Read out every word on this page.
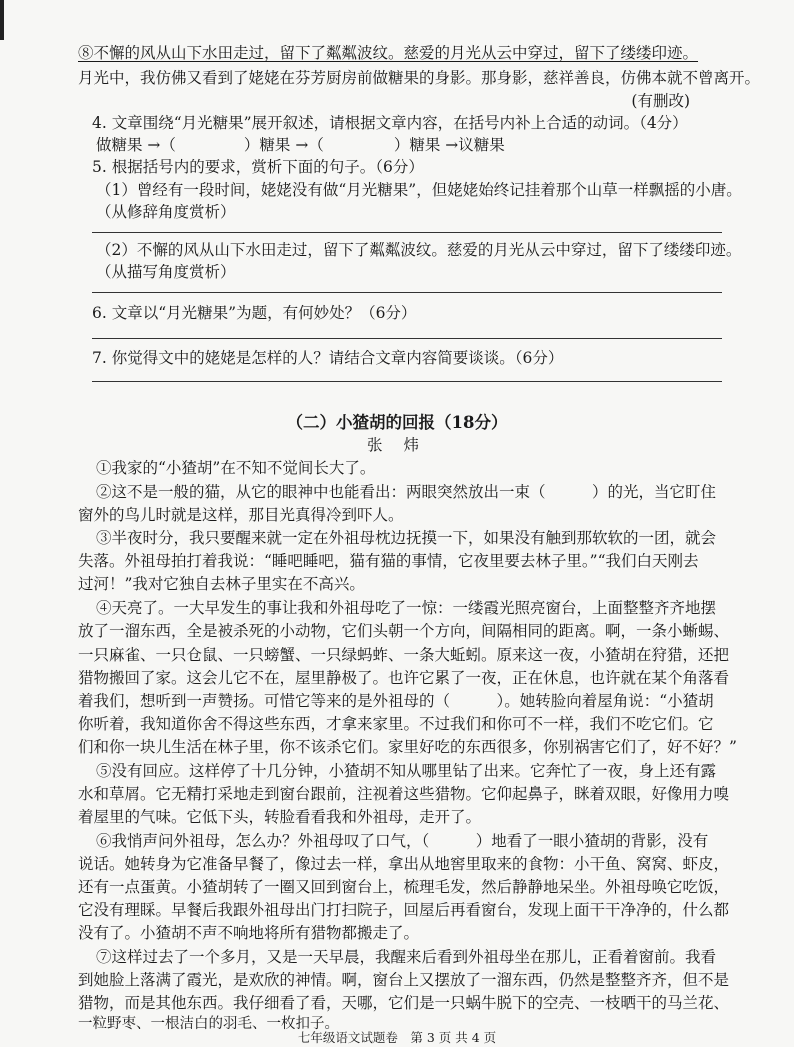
⑧不懈的风从山下水田走过，留下了粼粼波纹。慈爱的月光从云中穿过，留下了缕缕印迹。
月光中，我仿佛又看到了姥姥在芬芳厨房前做糖果的身影。那身影，慈祥善良，仿佛本就不曾离开。
(有删改)
4. 文章围绕“月光糖果”展开叙述，请根据文章内容，在括号内补上合适的动词。（4分）
做糖果 →（	）糖果 →（	）糖果 →议糖果
5. 根据括号内的要求，赏析下面的句子。（6分）
（1）曾经有一段时间，姥姥没有做“月光糖果”，但姥姥始终记挂着那个山草一样飘摇的小唐。
（从修辞角度赏析）
（2）不懈的风从山下水田走过，留下了粼粼波纹。慈爱的月光从云中穿过，留下了缕缕印迹。
（从描写角度赏析）
6. 文章以“月光糖果”为题，有何妙处？（6分）
7. 你觉得文中的姥姥是怎样的人？请结合文章内容简要谈谈。（6分）
（二）小猹胡的回报（18分）
张 炜
①我家的“小猹胡”在不知不觉间长大了。
②这不是一般的猫，从它的眼神中也能看出：两眼突然放出一束（　　　）的光，当它盯住
窗外的鸟儿时就是这样，那目光真得冷到吓人。
③半夜时分，我只要醒来就一定在外祖母枕边抚摸一下，如果没有触到那软软的一团，就会
失落。外祖母拍打着我说：“睡吧睡吧，猫有猫的事情，它夜里要去林子里。”“我们白天刚去
过河！”我对它独自去林子里实在不高兴。
④天亮了。一大早发生的事让我和外祖母吃了一惊：一缕霞光照亮窗台，上面整整齐齐地摆
放了一溜东西，全是被杀死的小动物，它们头朝一个方向，间隔相同的距离。啊，一条小蜥蜴、
一只麻雀、一只仓鼠、一只螃蟹、一只绿蚂蚱、一条大蚯蚓。原来这一夜，小猹胡在狩猎，还把
猎物搬回了家。这会儿它不在，屋里静极了。也许它累了一夜，正在休息，也许就在某个角落看
着我们，想听到一声赞扬。可惜它等来的是外祖母的（　　　）。她转脸向着屋角说：“小猹胡
你听着，我知道你舍不得这些东西，才拿来家里。不过我们和你可不一样，我们不吃它们。它
们和你一块儿生活在林子里，你不该杀它们。家里好吃的东西很多，你别祸害它们了，好不好？”
⑤没有回应。这样停了十几分钟，小猹胡不知从哪里钻了出来。它奔忙了一夜，身上还有露
水和草屑。它无精打采地走到窗台跟前，注视着这些猎物。它仰起鼻子，眯着双眼，好像用力嗅
着屋里的气味。它低下头，转脸看看我和外祖母，走开了。
⑥我悄声问外祖母，怎么办？外祖母叹了口气，（　　　）地看了一眼小猹胡的背影，没有
说话。她转身为它准备早餐了，像过去一样，拿出从地窖里取来的食物：小干鱼、窝窝、虾皮，
还有一点蛋黄。小猹胡转了一圈又回到窗台上，梳理毛发，然后静静地呆坐。外祖母唤它吃饭，
它没有理睬。早餐后我跟外祖母出门打扫院子，回屋后再看窗台，发现上面干干净净的，什么都
没有了。小猹胡不声不响地将所有猎物都搬走了。
⑦这样过去了一个多月，又是一天早晨，我醒来后看到外祖母坐在那儿，正看着窗前。我看
到她脸上落满了霞光，是欢欣的神情。啊，窗台上又摆放了一溜东西，仍然是整整齐齐，但不是
猎物，而是其他东西。我仔细看了看，天哪，它们是一只蜗牛脱下的空壳、一枝晒干的马兰花、
一粒野枣、一根洁白的羽毛、一枚扣子。
七年级语文试题卷　第 3 页 共 4 页
